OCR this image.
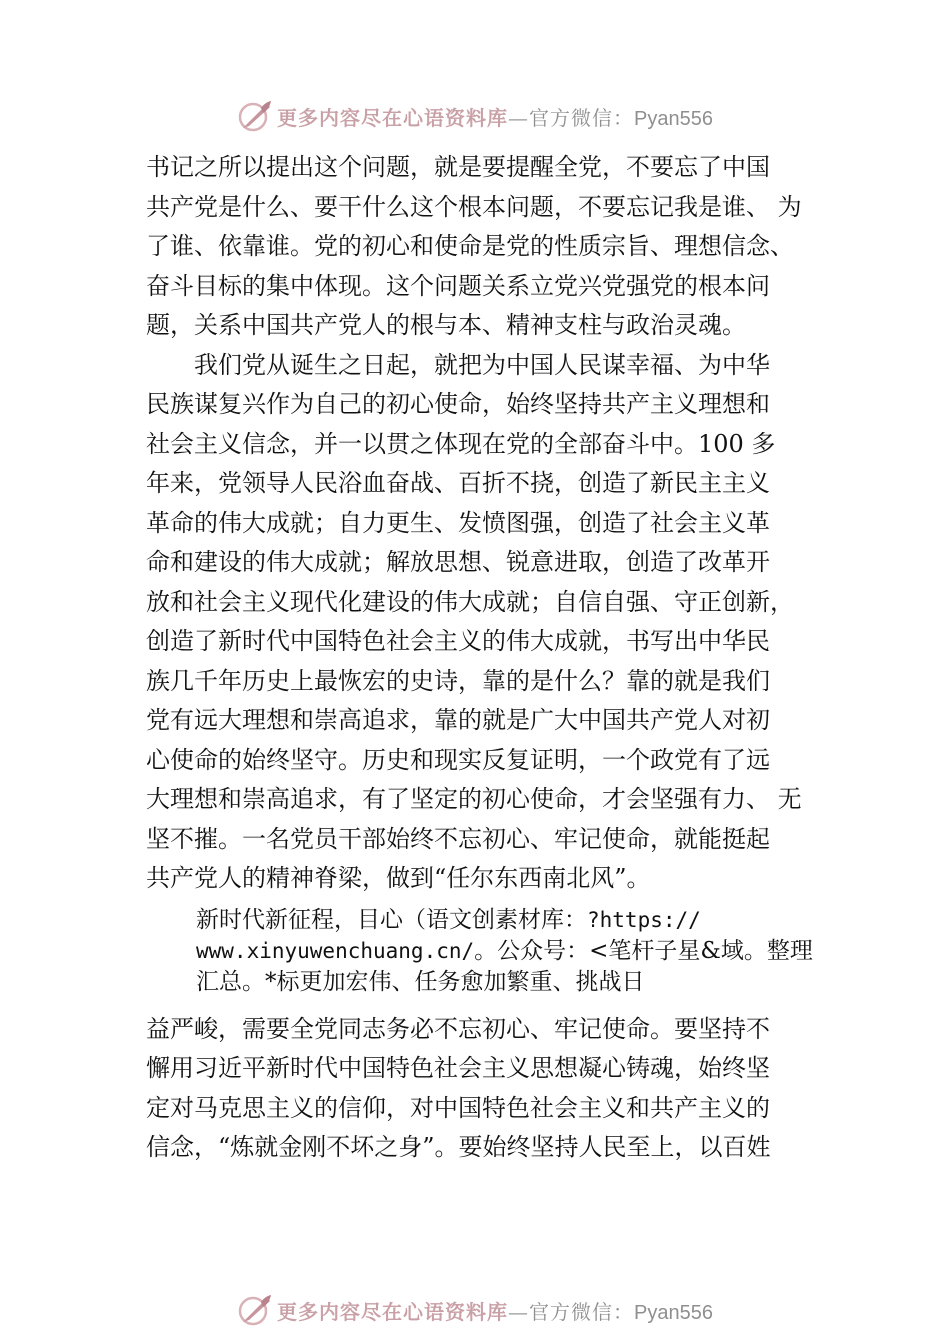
更多内容尽在心语资料库—官方微信：Pyan556

书记之所以提出这个问题，就是要提醒全党，不要忘了中国

共产党是什么、要干什么这个根本问题，不要忘记我是谁、 为

了谁、依靠谁。党的初心和使命是党的性质宗旨、理想信念、

奋斗目标的集中体现。这个问题关系立党兴党强党的根本问

题，关系中国共产党人的根与本、精神支柱与政治灵魂。

　　我们党从诞生之日起，就把为中国人民谋幸福、为中华

民族谋复兴作为自己的初心使命，始终坚持共产主义理想和

社会主义信念，并一以贯之体现在党的全部奋斗中。100 多

年来，党领导人民浴血奋战、百折不挠，创造了新民主主义

革命的伟大成就；自力更生、发愤图强，创造了社会主义革

命和建设的伟大成就；解放思想、锐意进取，创造了改革开

放和社会主义现代化建设的伟大成就；自信自强、守正创新，

创造了新时代中国特色社会主义的伟大成就，书写出中华民

族几千年历史上最恢宏的史诗，靠的是什么？靠的就是我们

党有远大理想和崇高追求，靠的就是广大中国共产党人对初

心使命的始终坚守。历史和现实反复证明，一个政党有了远

大理想和崇高追求，有了坚定的初心使命，才会坚强有力、 无

坚不摧。一名党员干部始终不忘初心、牢记使命，就能挺起

共产党人的精神脊梁，做到“任尔东西南北风”。

新时代新征程，目心（语文创素材库：?https://

www.xinyuwenchuang.cn/。公众号：<笔杆子星&域。整理

汇总。*标更加宏伟、任务愈加繁重、挑战日

益严峻，需要全党同志务必不忘初心、牢记使命。要坚持不

懈用习近平新时代中国特色社会主义思想凝心铸魂，始终坚

定对马克思主义的信仰，对中国特色社会主义和共产主义的

信念，“炼就金刚不坏之身”。要始终坚持人民至上，以百姓

更多内容尽在心语资料库—官方微信：Pyan556
